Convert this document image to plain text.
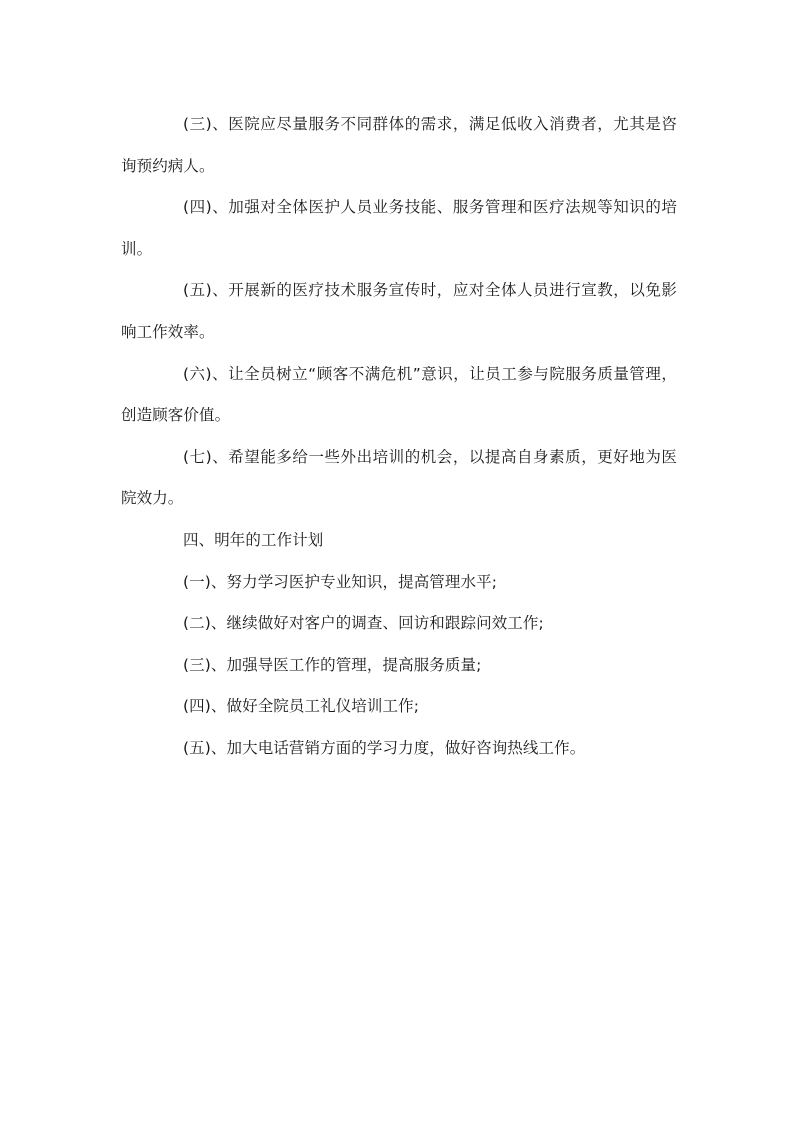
(三)、医院应尽量服务不同群体的需求，满足低收入消费者，尤其是咨询预约病人。

(四)、加强对全体医护人员业务技能、服务管理和医疗法规等知识的培训。

(五)、开展新的医疗技术服务宣传时，应对全体人员进行宣教，以免影响工作效率。

(六)、让全员树立“顾客不满危机”意识，让员工参与院服务质量管理，创造顾客价值。

(七)、希望能多给一些外出培训的机会，以提高自身素质，更好地为医院效力。

四、明年的工作计划

(一)、努力学习医护专业知识，提高管理水平;

(二)、继续做好对客户的调查、回访和跟踪问效工作;

(三)、加强导医工作的管理，提高服务质量;

(四)、做好全院员工礼仪培训工作;

(五)、加大电话营销方面的学习力度，做好咨询热线工作。
